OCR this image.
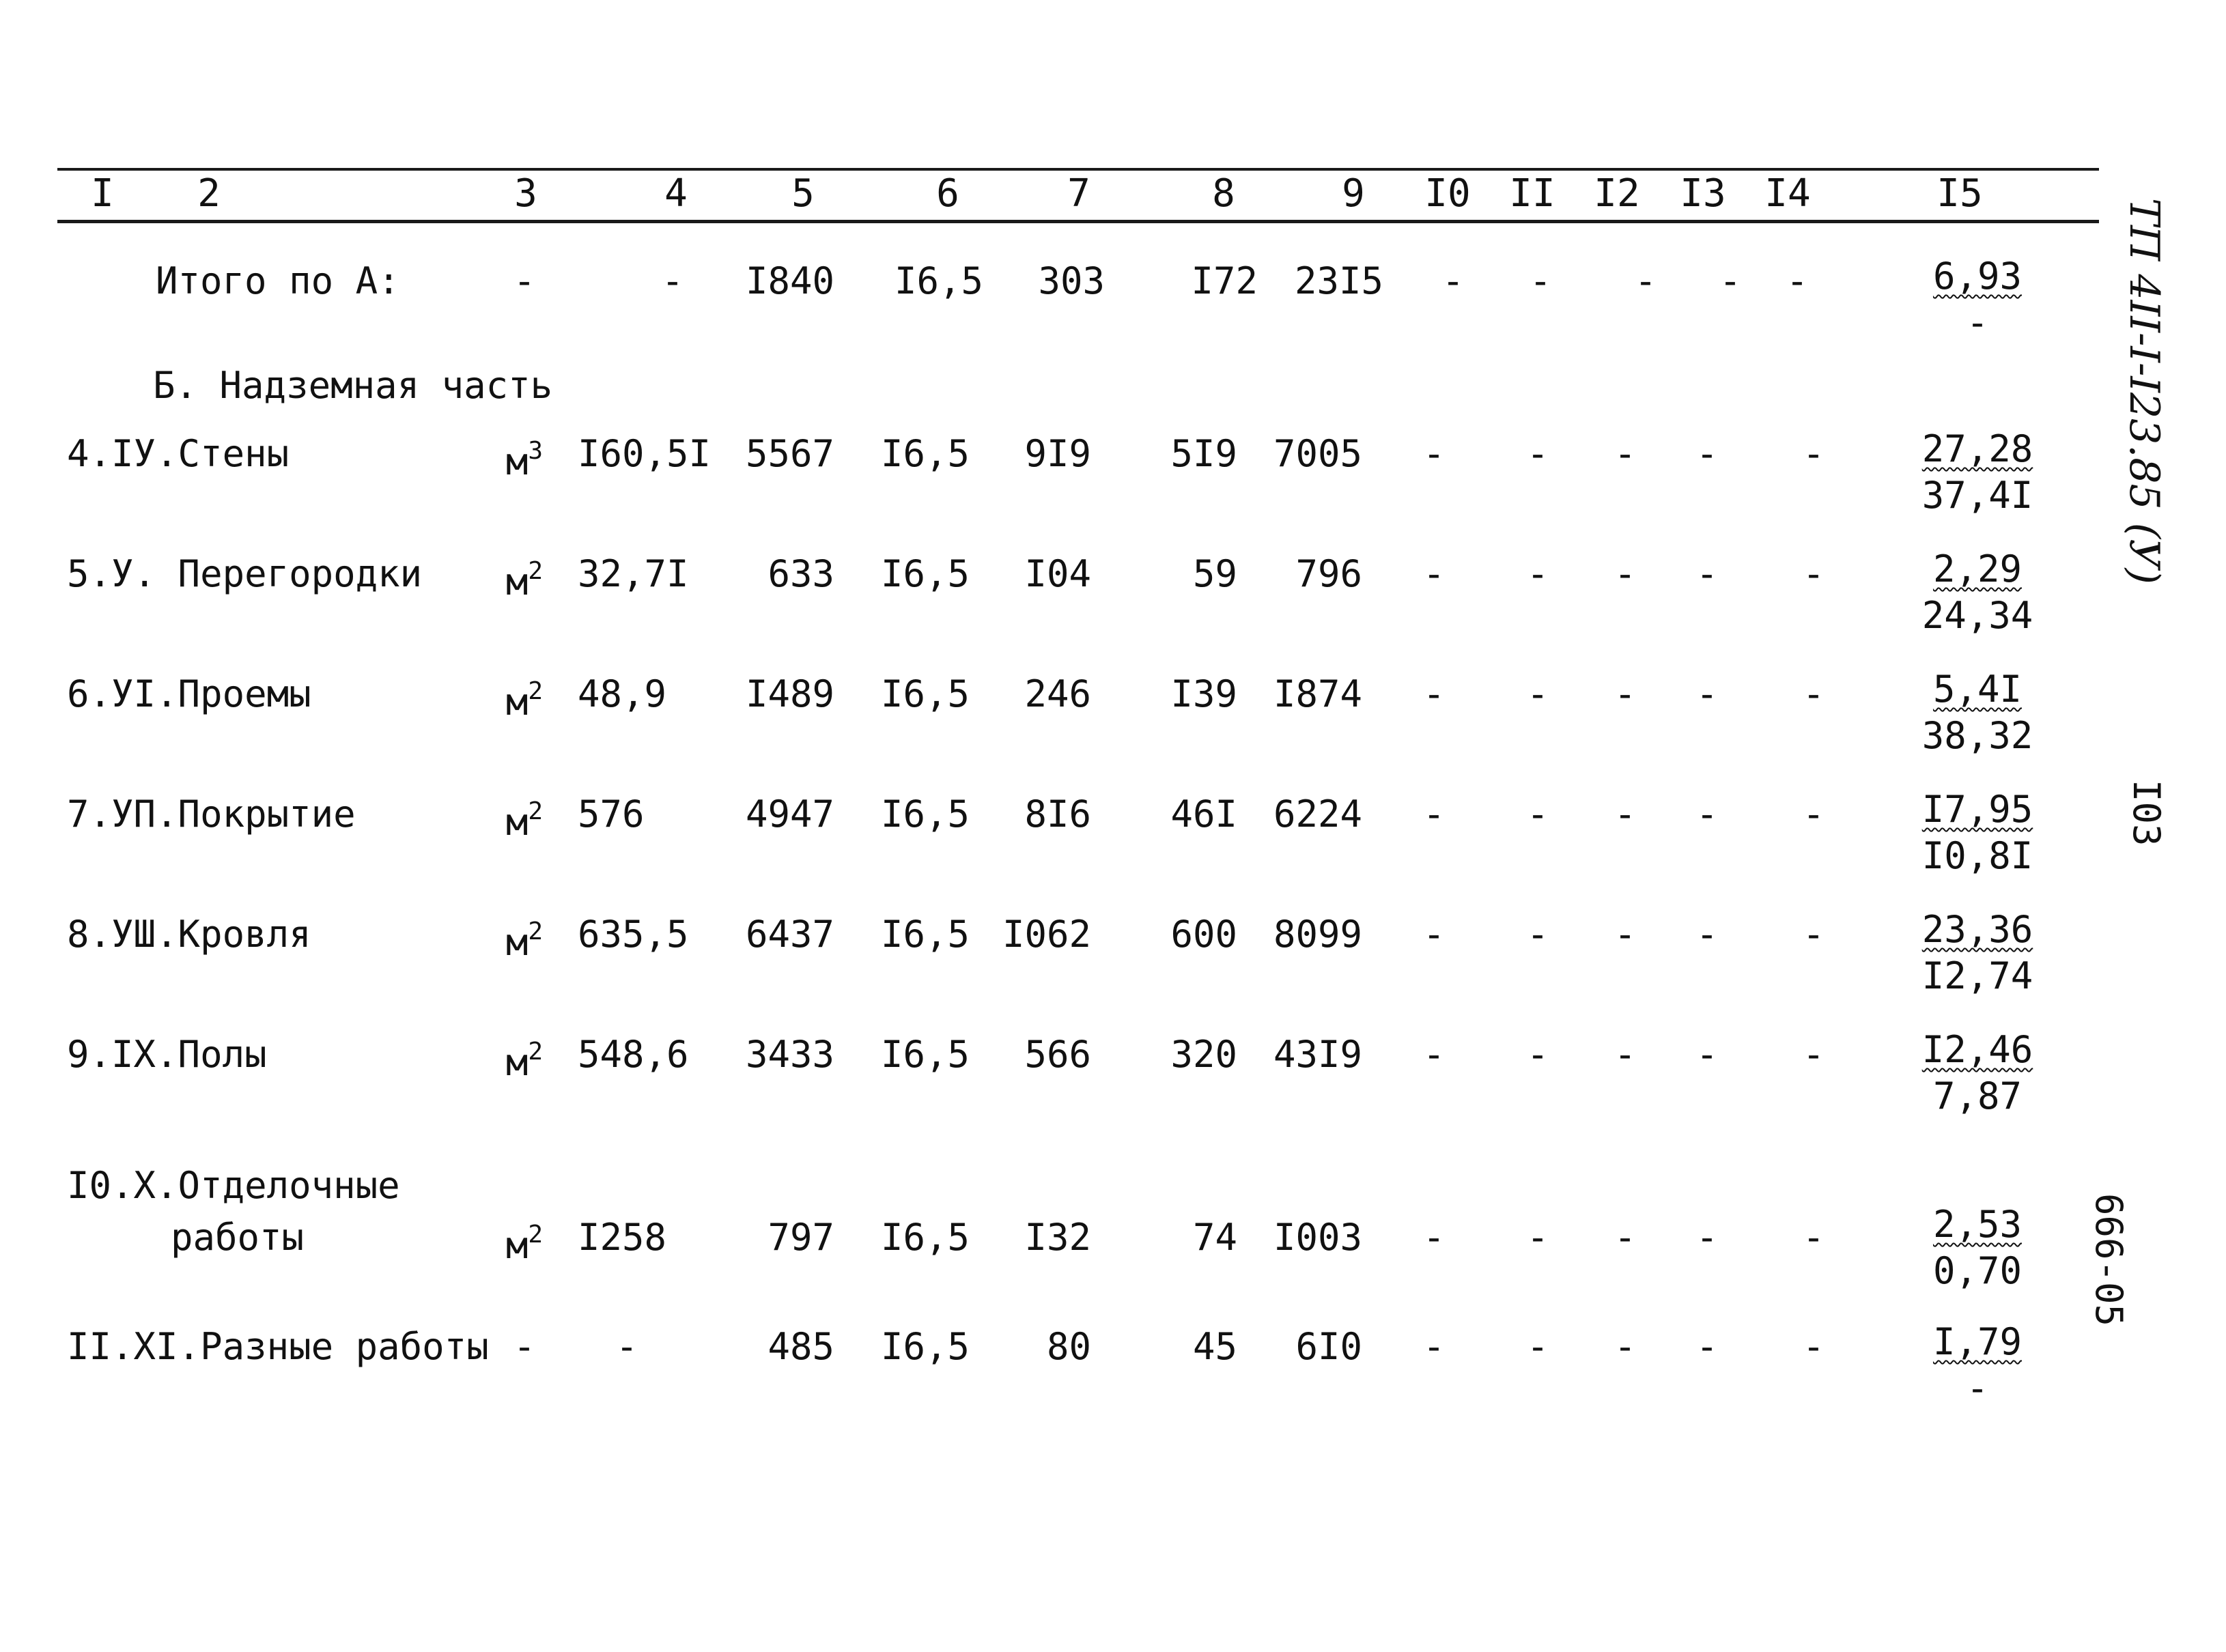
I 2	3	4	5	6	7	8	9 I0 II I2 I3 I4	I5
Итого по А:	-	- I840 I6,5 303 I72 23I5 - - - - -	6,93
-
Б. Надземная часть
4.IУ.Стены	$м^3$ I60,5I 5567 I6,5 9I9 5I9 7005 - - - - -	$\frac{27,28}{37,4I}$
5.У. Перегородки $м^2$ 32,7I 633 I6,5 I04	59 796 - - - - -	$\frac{2,29}{24,34}$
6.УI.Проемы	$м^2$ 48,9 I489 I6,5 246 I39 I874 - - - - -	$\frac{5,4I}{38,32}$
7.УП.Покрытие	$м^2$ 576	4947 I6,5 8I6 46I 6224 - - - - -	$\frac{I7,95}{I0,8I}$
8.УШ.Кровля	$м^2$ 635,5 6437 I6,5 I062 600 8099 - - - - -	$\frac{23,36}{I2,74}$
9.IX.Полы	$м^2$ 548,6 3433 I6,5 566 320 43I9 - - - - -	$\frac{I2,46}{7,87}$
I0.X.Отделочные
работы	$м^2$ I258	797 I6,5 I32	74 I003 - - - - -	$\frac{2,53}{0,70}$
II.XI.Разные работы - -	485 I6,5 80	45 6I0 - - - - -	I,79
-
ТП 4II-I-I23.85 (У)
I03
666-05
